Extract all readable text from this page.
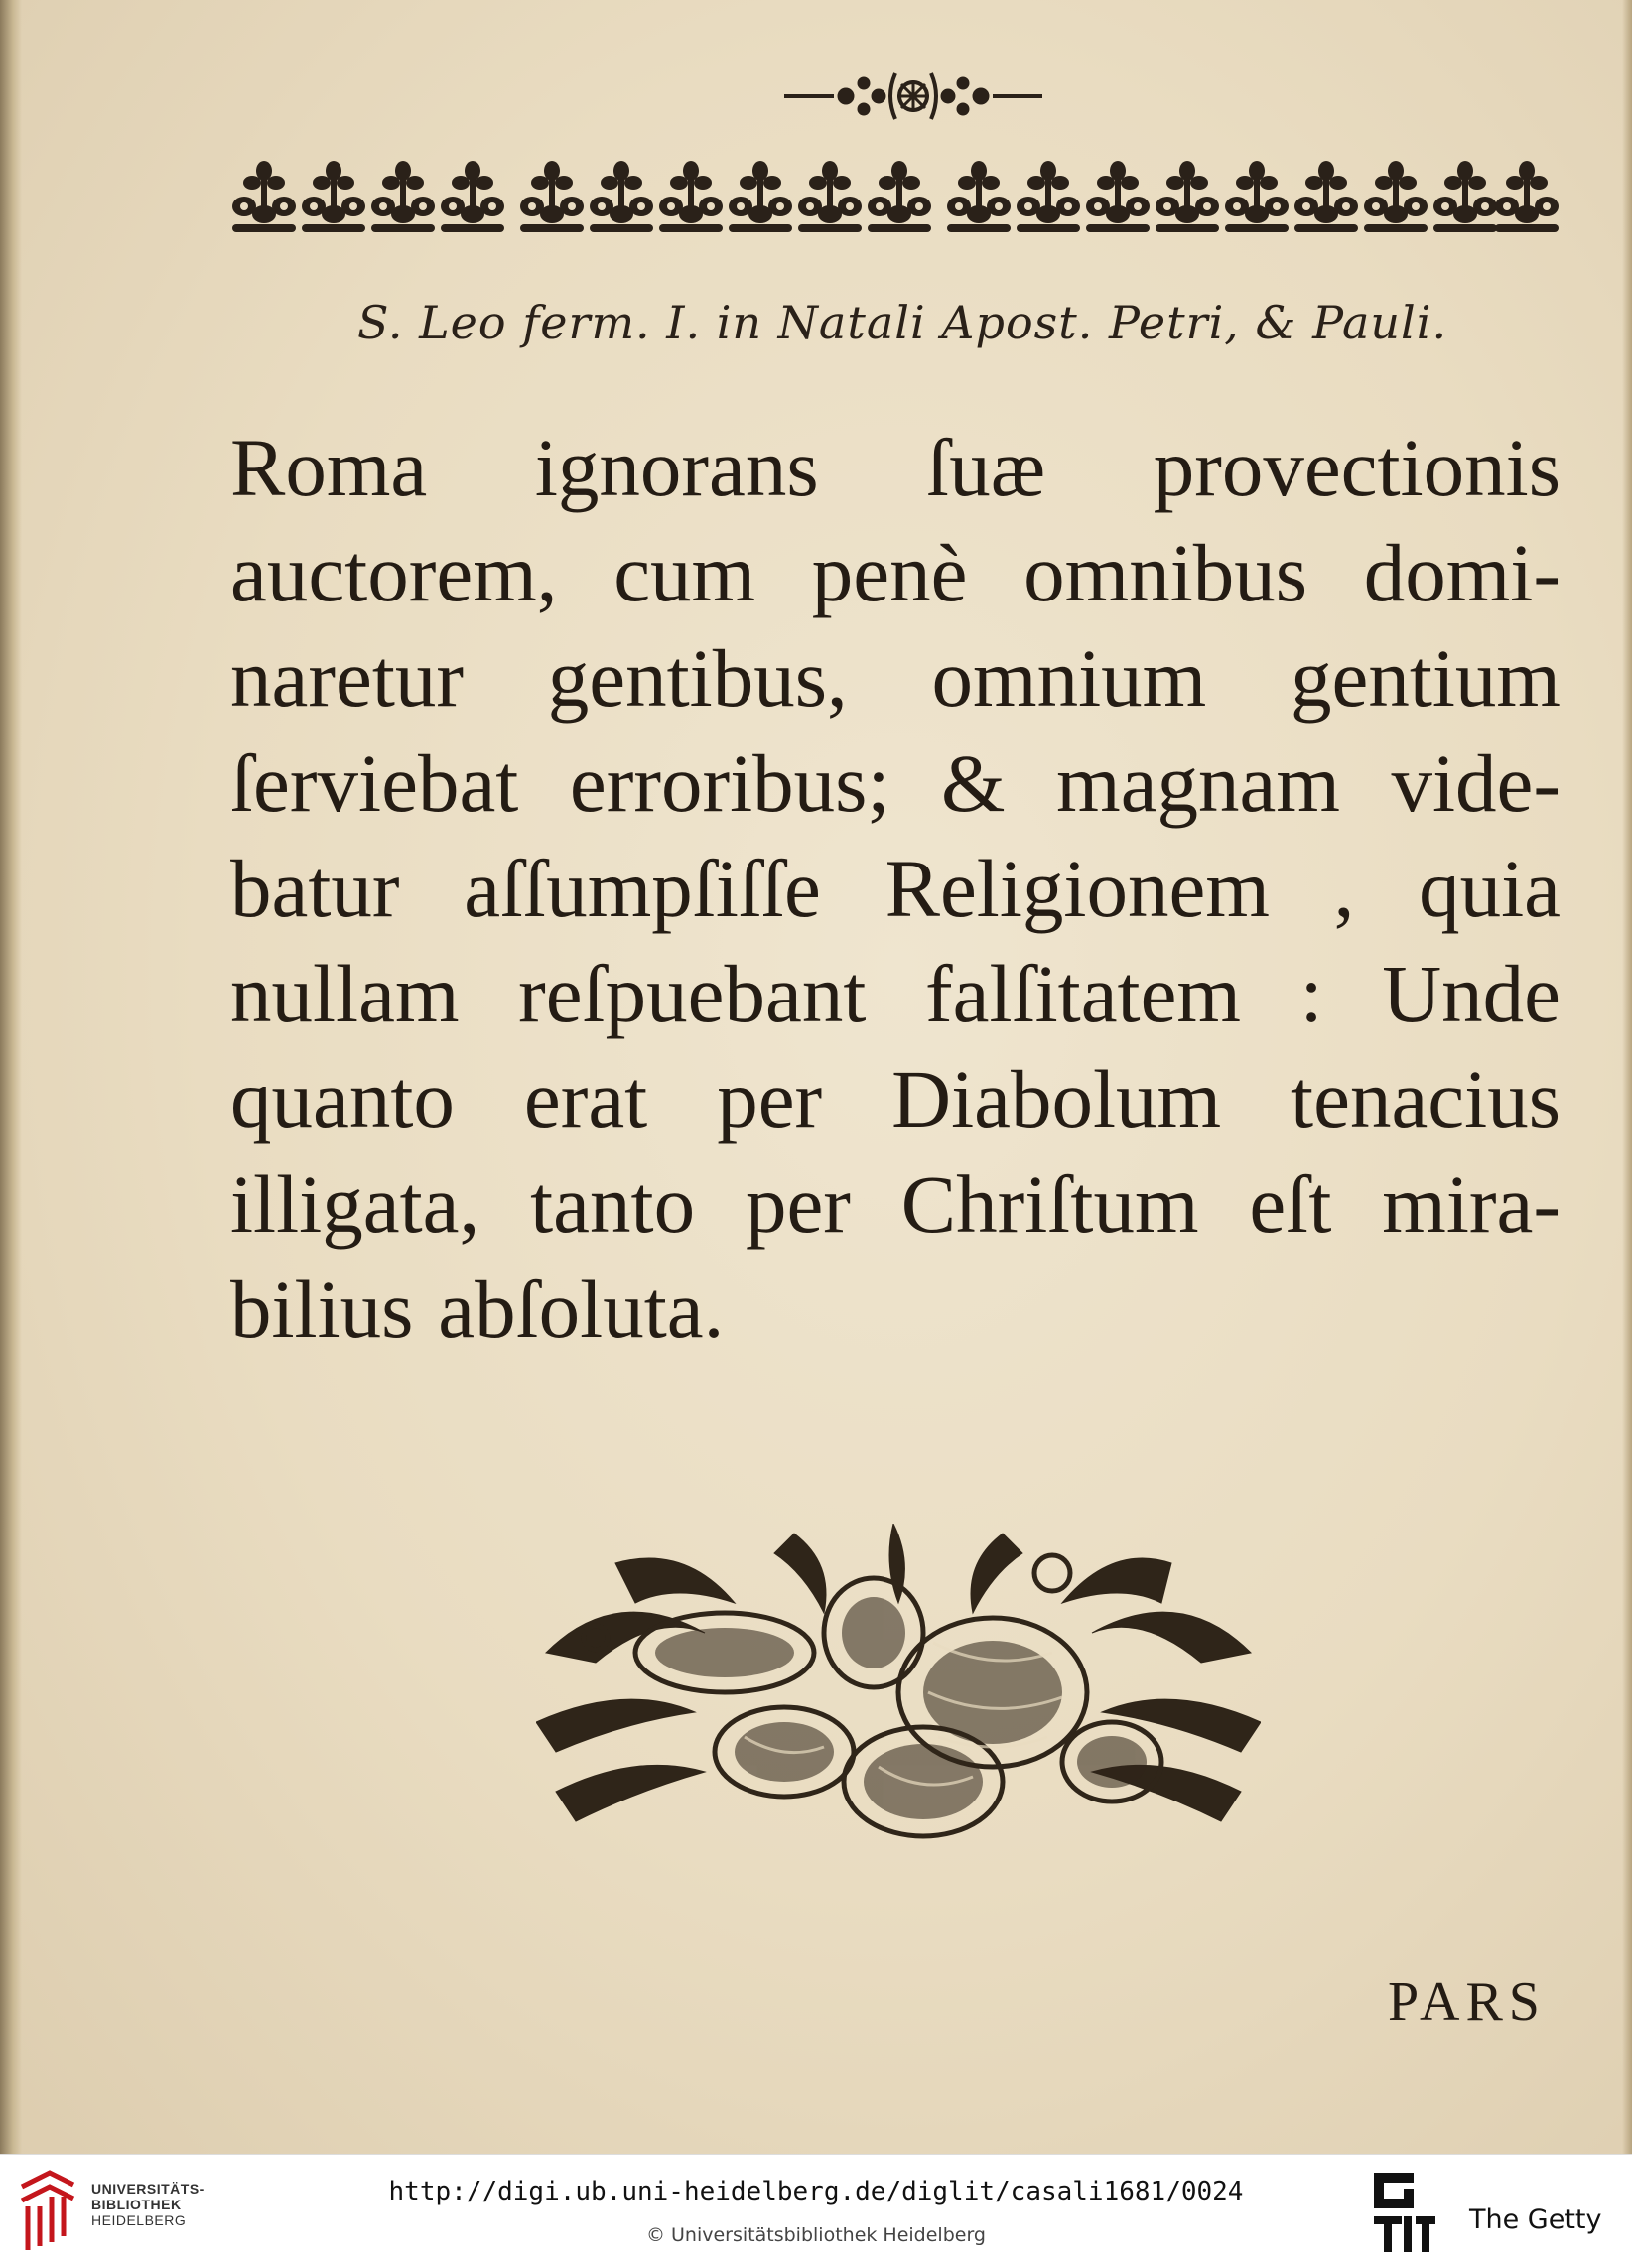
S. Leo ferm. I. in Natali Apost. Petri, & Pauli.
Roma ignorans ſuæ provectionis
auctorem, cum penè omnibus domi-
naretur gentibus, omnium gentium
ſerviebat erroribus; & magnam vide-
batur aſſumpſiſſe Religionem , quia
nullam reſpuebant falſitatem : Unde
quanto erat per Diabolum tenacius
illigata, tanto per Chriſtum eſt mira-
bilius abſoluta.
PARS
UNIVERSITÄTS-
BIBLIOTHEK
HEIDELBERG
http://digi.ub.uni-heidelberg.de/diglit/casali1681/0024
© Universitätsbibliothek Heidelberg	The Getty
